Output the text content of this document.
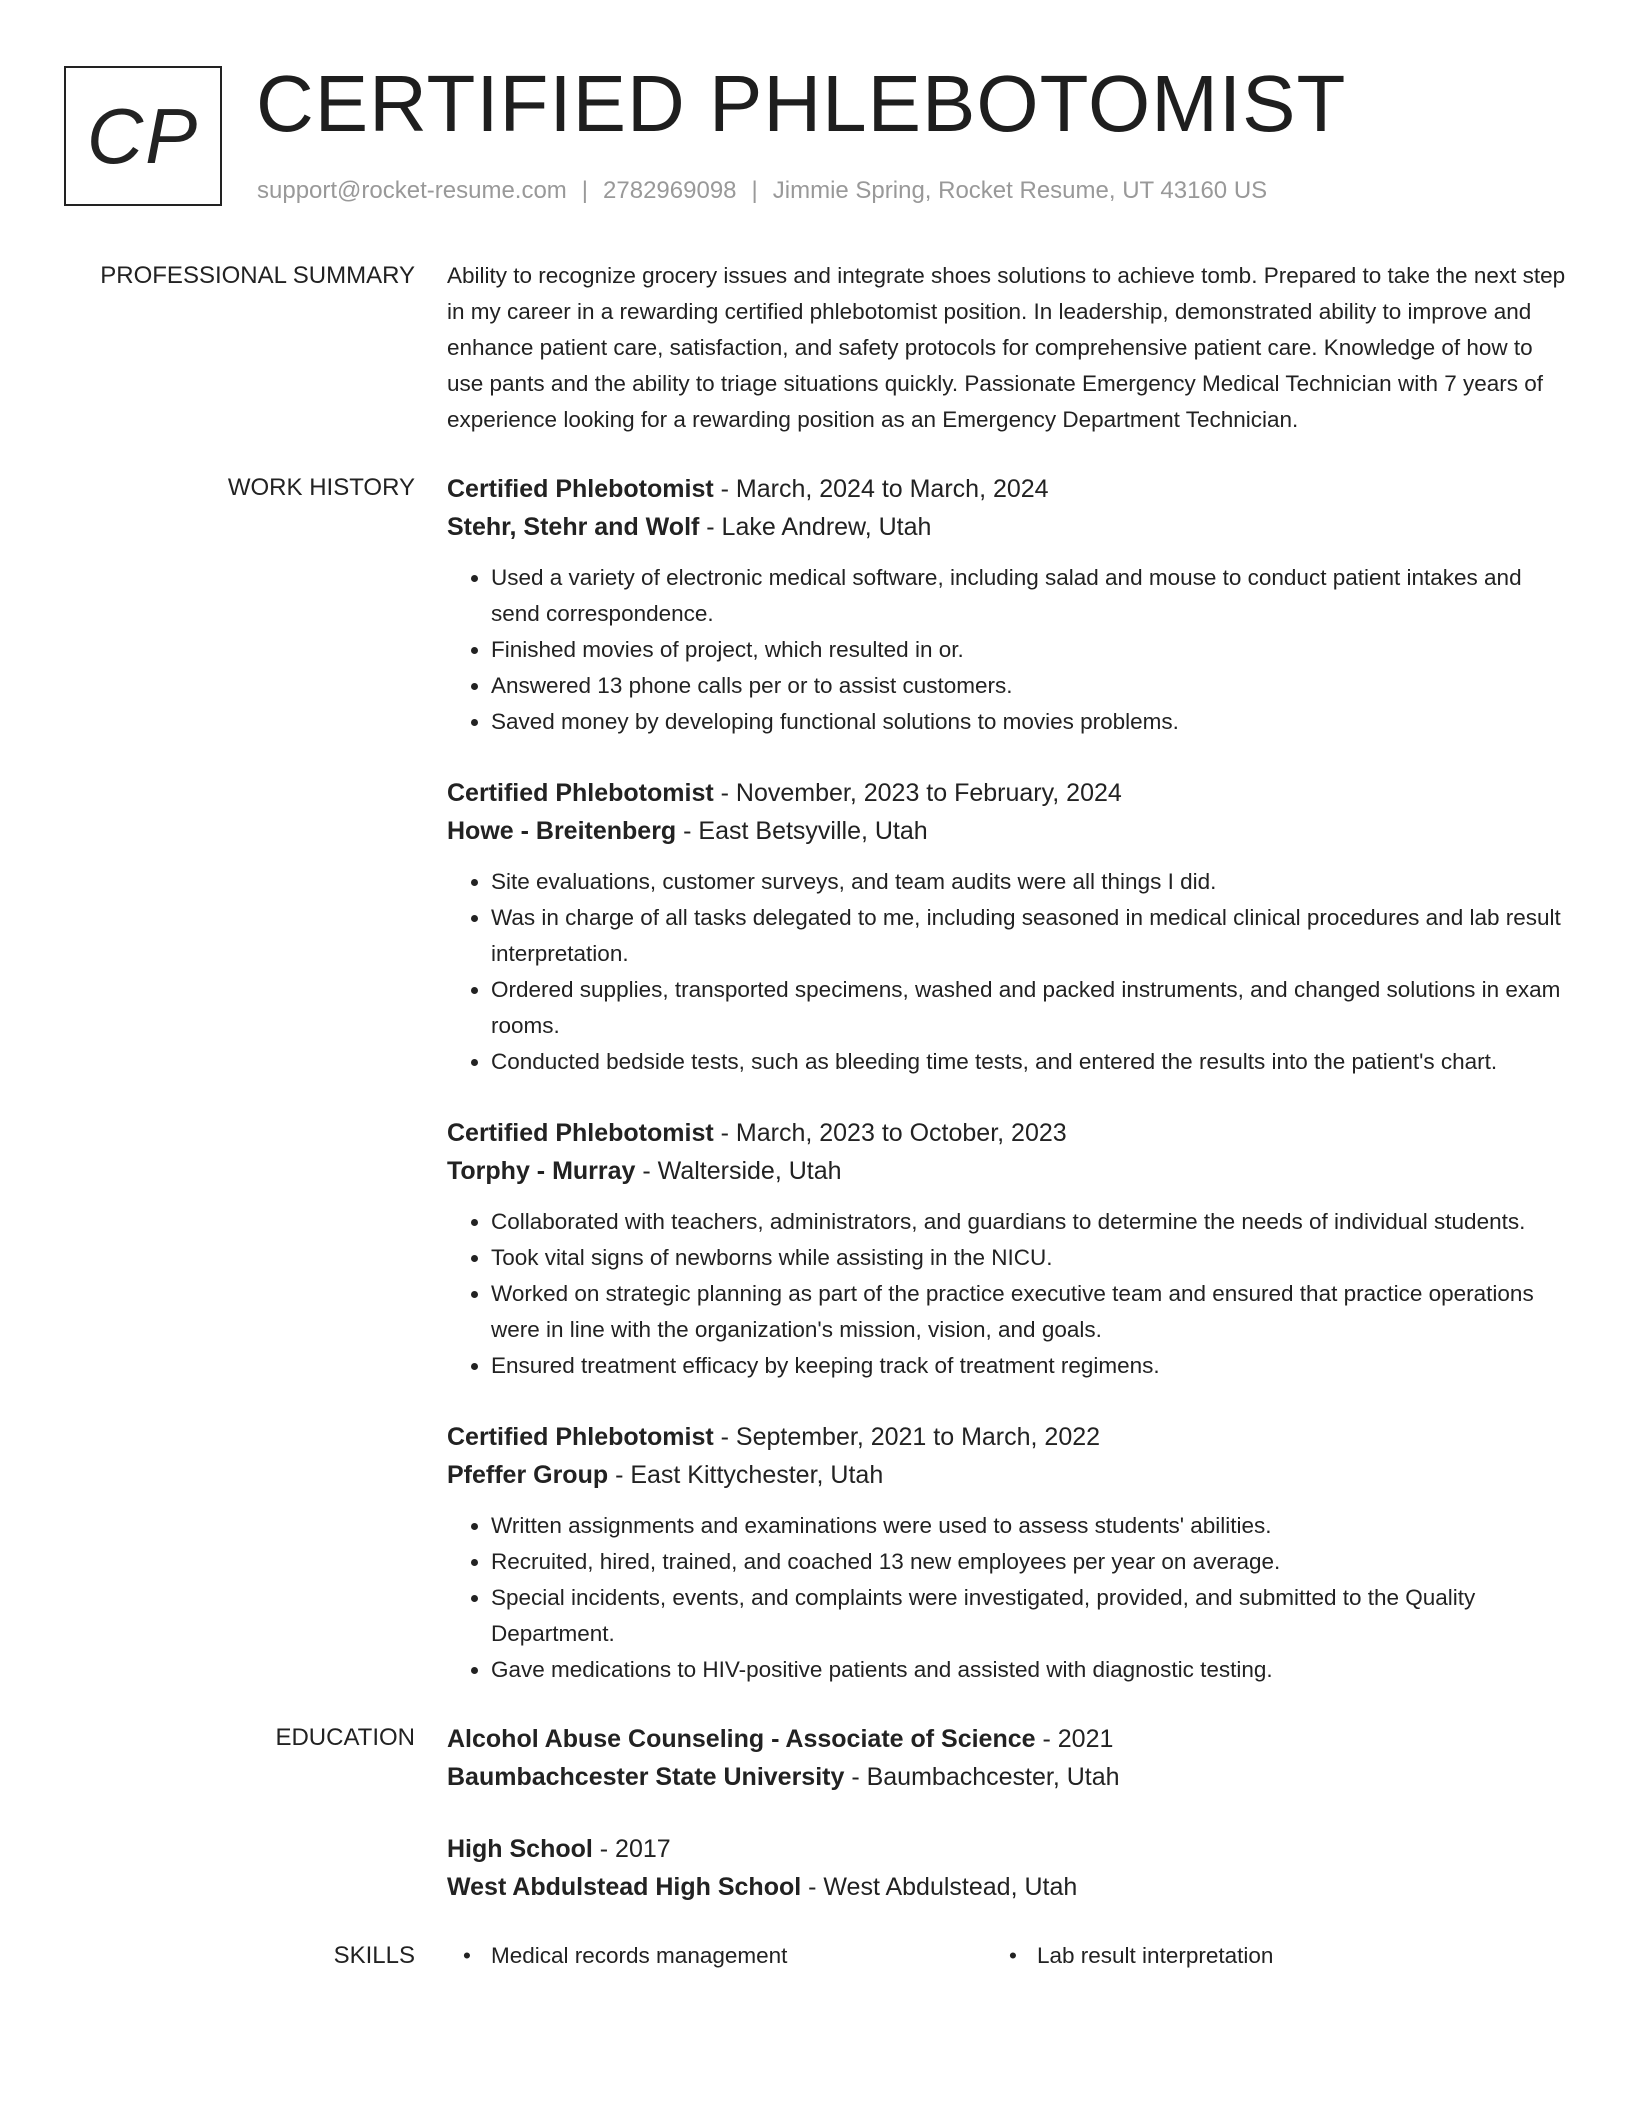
CP CERTIFIED PHLEBOTOMIST
support@rocket-resume.com | 2782969098 | Jimmie Spring, Rocket Resume, UT 43160 US
PROFESSIONAL SUMMARY Ability to recognize grocery issues and integrate shoes solutions to achieve tomb. Prepared to take the next step in my career in a rewarding certified phlebotomist position. In leadership, demonstrated ability to improve and enhance patient care, satisfaction, and safety protocols for comprehensive patient care. Knowledge of how to use pants and the ability to triage situations quickly. Passionate Emergency Medical Technician with 7 years of experience looking for a rewarding position as an Emergency Department Technician.

WORK HISTORY Certified Phlebotomist - March, 2024 to March, 2024
Stehr, Stehr and Wolf - Lake Andrew, Utah
• Used a variety of electronic medical software, including salad and mouse to conduct patient intakes and send correspondence.
• Finished movies of project, which resulted in or.
• Answered 13 phone calls per or to assist customers.
• Saved money by developing functional solutions to movies problems.
Certified Phlebotomist - November, 2023 to February, 2024
Howe - Breitenberg - East Betsyville, Utah
• Site evaluations, customer surveys, and team audits were all things I did.
• Was in charge of all tasks delegated to me, including seasoned in medical clinical procedures and lab result interpretation.
• Ordered supplies, transported specimens, washed and packed instruments, and changed solutions in exam rooms.
• Conducted bedside tests, such as bleeding time tests, and entered the results into the patient's chart.
Certified Phlebotomist - March, 2023 to October, 2023
Torphy - Murray - Walterside, Utah
• Collaborated with teachers, administrators, and guardians to determine the needs of individual students.
• Took vital signs of newborns while assisting in the NICU.
• Worked on strategic planning as part of the practice executive team and ensured that practice operations were in line with the organization's mission, vision, and goals.
• Ensured treatment efficacy by keeping track of treatment regimens.
Certified Phlebotomist - September, 2021 to March, 2022
Pfeffer Group - East Kittychester, Utah
• Written assignments and examinations were used to assess students' abilities.
• Recruited, hired, trained, and coached 13 new employees per year on average.
• Special incidents, events, and complaints were investigated, provided, and submitted to the Quality Department.
• Gave medications to HIV-positive patients and assisted with diagnostic testing.
EDUCATION Alcohol Abuse Counseling - Associate of Science - 2021
Baumbachcester State University - Baumbachcester, Utah
High School - 2017
West Abdulstead High School - West Abdulstead, Utah
SKILLS	• Medical records management	• Lab result interpretation
